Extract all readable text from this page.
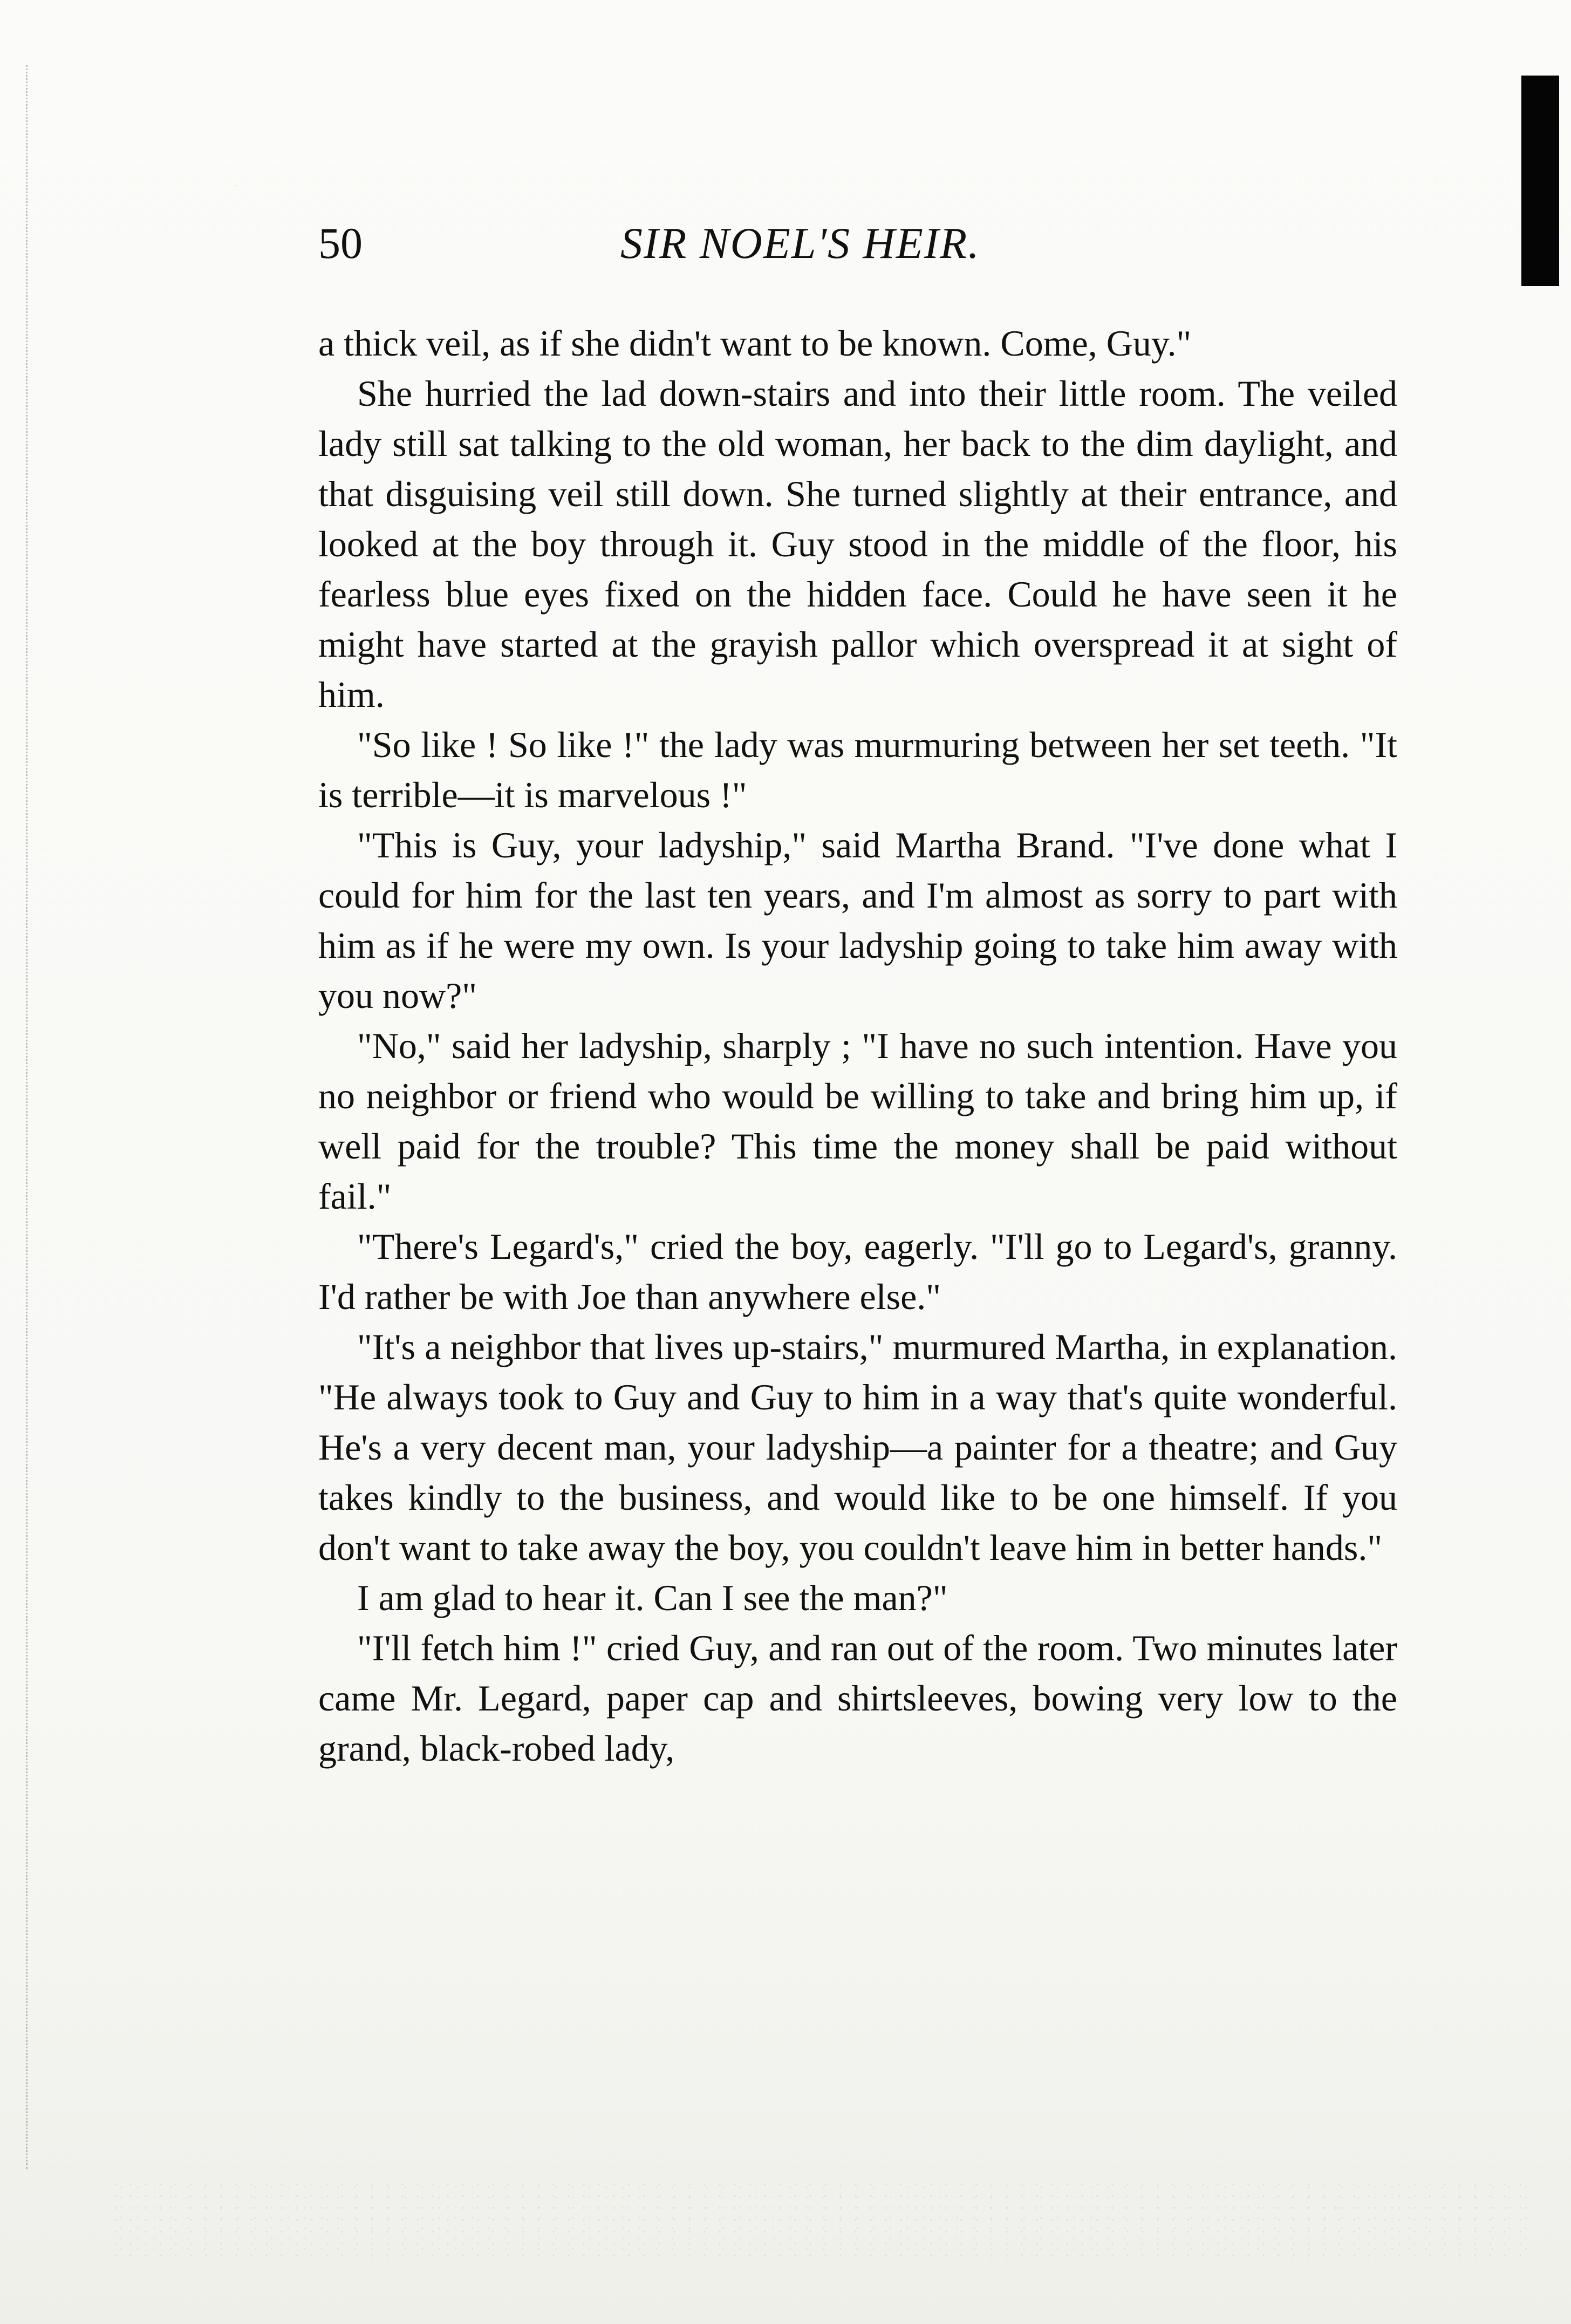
50	SIR NOEL'S HEIR.

a thick veil, as if she didn't want to be known. Come, Guy."

She hurried the lad down-stairs and into their little room. The veiled lady still sat talking to the old woman, her back to the dim daylight, and that disguising veil still down. She turned slightly at their entrance, and looked at the boy through it. Guy stood in the middle of the floor, his fearless blue eyes fixed on the hidden face. Could he have seen it he might have started at the grayish pallor which overspread it at sight of him.

"So like ! So like !" the lady was murmuring between her set teeth. "It is terrible—it is marvelous !"

"This is Guy, your ladyship," said Martha Brand. "I've done what I could for him for the last ten years, and I'm almost as sorry to part with him as if he were my own. Is your ladyship going to take him away with you now?"

"No," said her ladyship, sharply ; "I have no such intention. Have you no neighbor or friend who would be willing to take and bring him up, if well paid for the trouble? This time the money shall be paid without fail."

"There's Legard's," cried the boy, eagerly. "I'll go to Legard's, granny. I'd rather be with Joe than anywhere else."

"It's a neighbor that lives up-stairs," murmured Martha, in explanation. "He always took to Guy and Guy to him in a way that's quite wonderful. He's a very decent man, your ladyship—a painter for a theatre; and Guy takes kindly to the business, and would like to be one himself. If you don't want to take away the boy, you couldn't leave him in better hands."

I am glad to hear it. Can I see the man?"

"I'll fetch him !" cried Guy, and ran out of the room. Two minutes later came Mr. Legard, paper cap and shirtsleeves, bowing very low to the grand, black-robed lady,
